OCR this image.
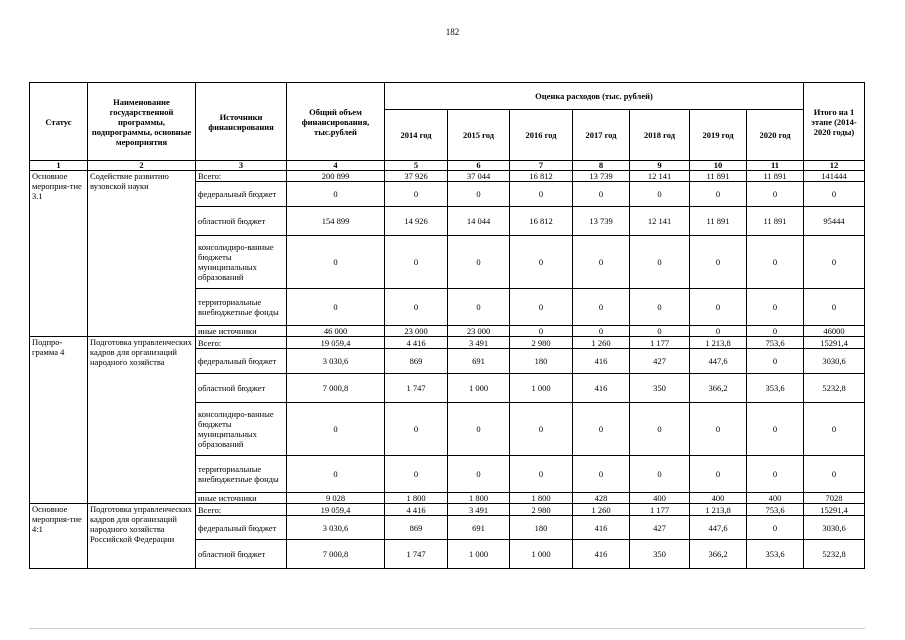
182
Статус	Наименование государственной программы, подпрограммы, основные мероприятия	Источники финансирования	Общий объем финансирования, тыс.рублей	Оценка расходов (тыс. рублей)							Итого на 1 этапе (2014-2020 годы)
				2014 год	2015 год	2016 год	2017 год	2018 год	2019 год	2020 год	
1	2	3	4	5	6	7	8	9	10	11	12
Основное мероприя-тие 3.1	Содействие развитию вузовской науки	Всего:	200 899	37 926	37 044	16 812	13 739	12 141	11 891	11 891	141444
		федеральный бюджет	0	0	0	0	0	0	0	0	0
		областной бюджет	154 899	14 926	14 044	16 812	13 739	12 141	11 891	11 891	95444
		консолидиро-ванные бюджеты муниципальных образований	0	0	0	0	0	0	0	0	0
		территориальные внебюджетные фонды	0	0	0	0	0	0	0	0	0
		иные источники	46 000	23 000	23 000	0	0	0	0	0	46000
Подпро-грамма 4	Подготовка управленческих кадров для организаций народного хозяйства	Всего:	19 059,4	4 416	3 491	2 980	1 260	1 177	1 213,8	753,6	15291,4
		федеральный бюджет	3 030,6	869	691	180	416	427	447,6	0	3030,6
		областной бюджет	7 000,8	1 747	1 000	1 000	416	350	366,2	353,6	5232,8
		консолидиро-ванные бюджеты муниципальных образований	0	0	0	0	0	0	0	0	0
		территориальные внебюджетные фонды	0	0	0	0	0	0	0	0	0
		иные источники	9 028	1 800	1 800	1 800	428	400	400	400	7028
Основное мероприя-тие 4:1	Подготовка управленческих кадров для организаций народного хозяйства Российской Федерации	Всего:	19 059,4	4 416	3 491	2 980	1 260	1 177	1 213,8	753,6	15291,4
		федеральный бюджет	3 030,6	869	691	180	416	427	447,6	0	3030,6
		областной бюджет	7 000,8	1 747	1 000	1 000	416	350	366,2	353,6	5232,8
